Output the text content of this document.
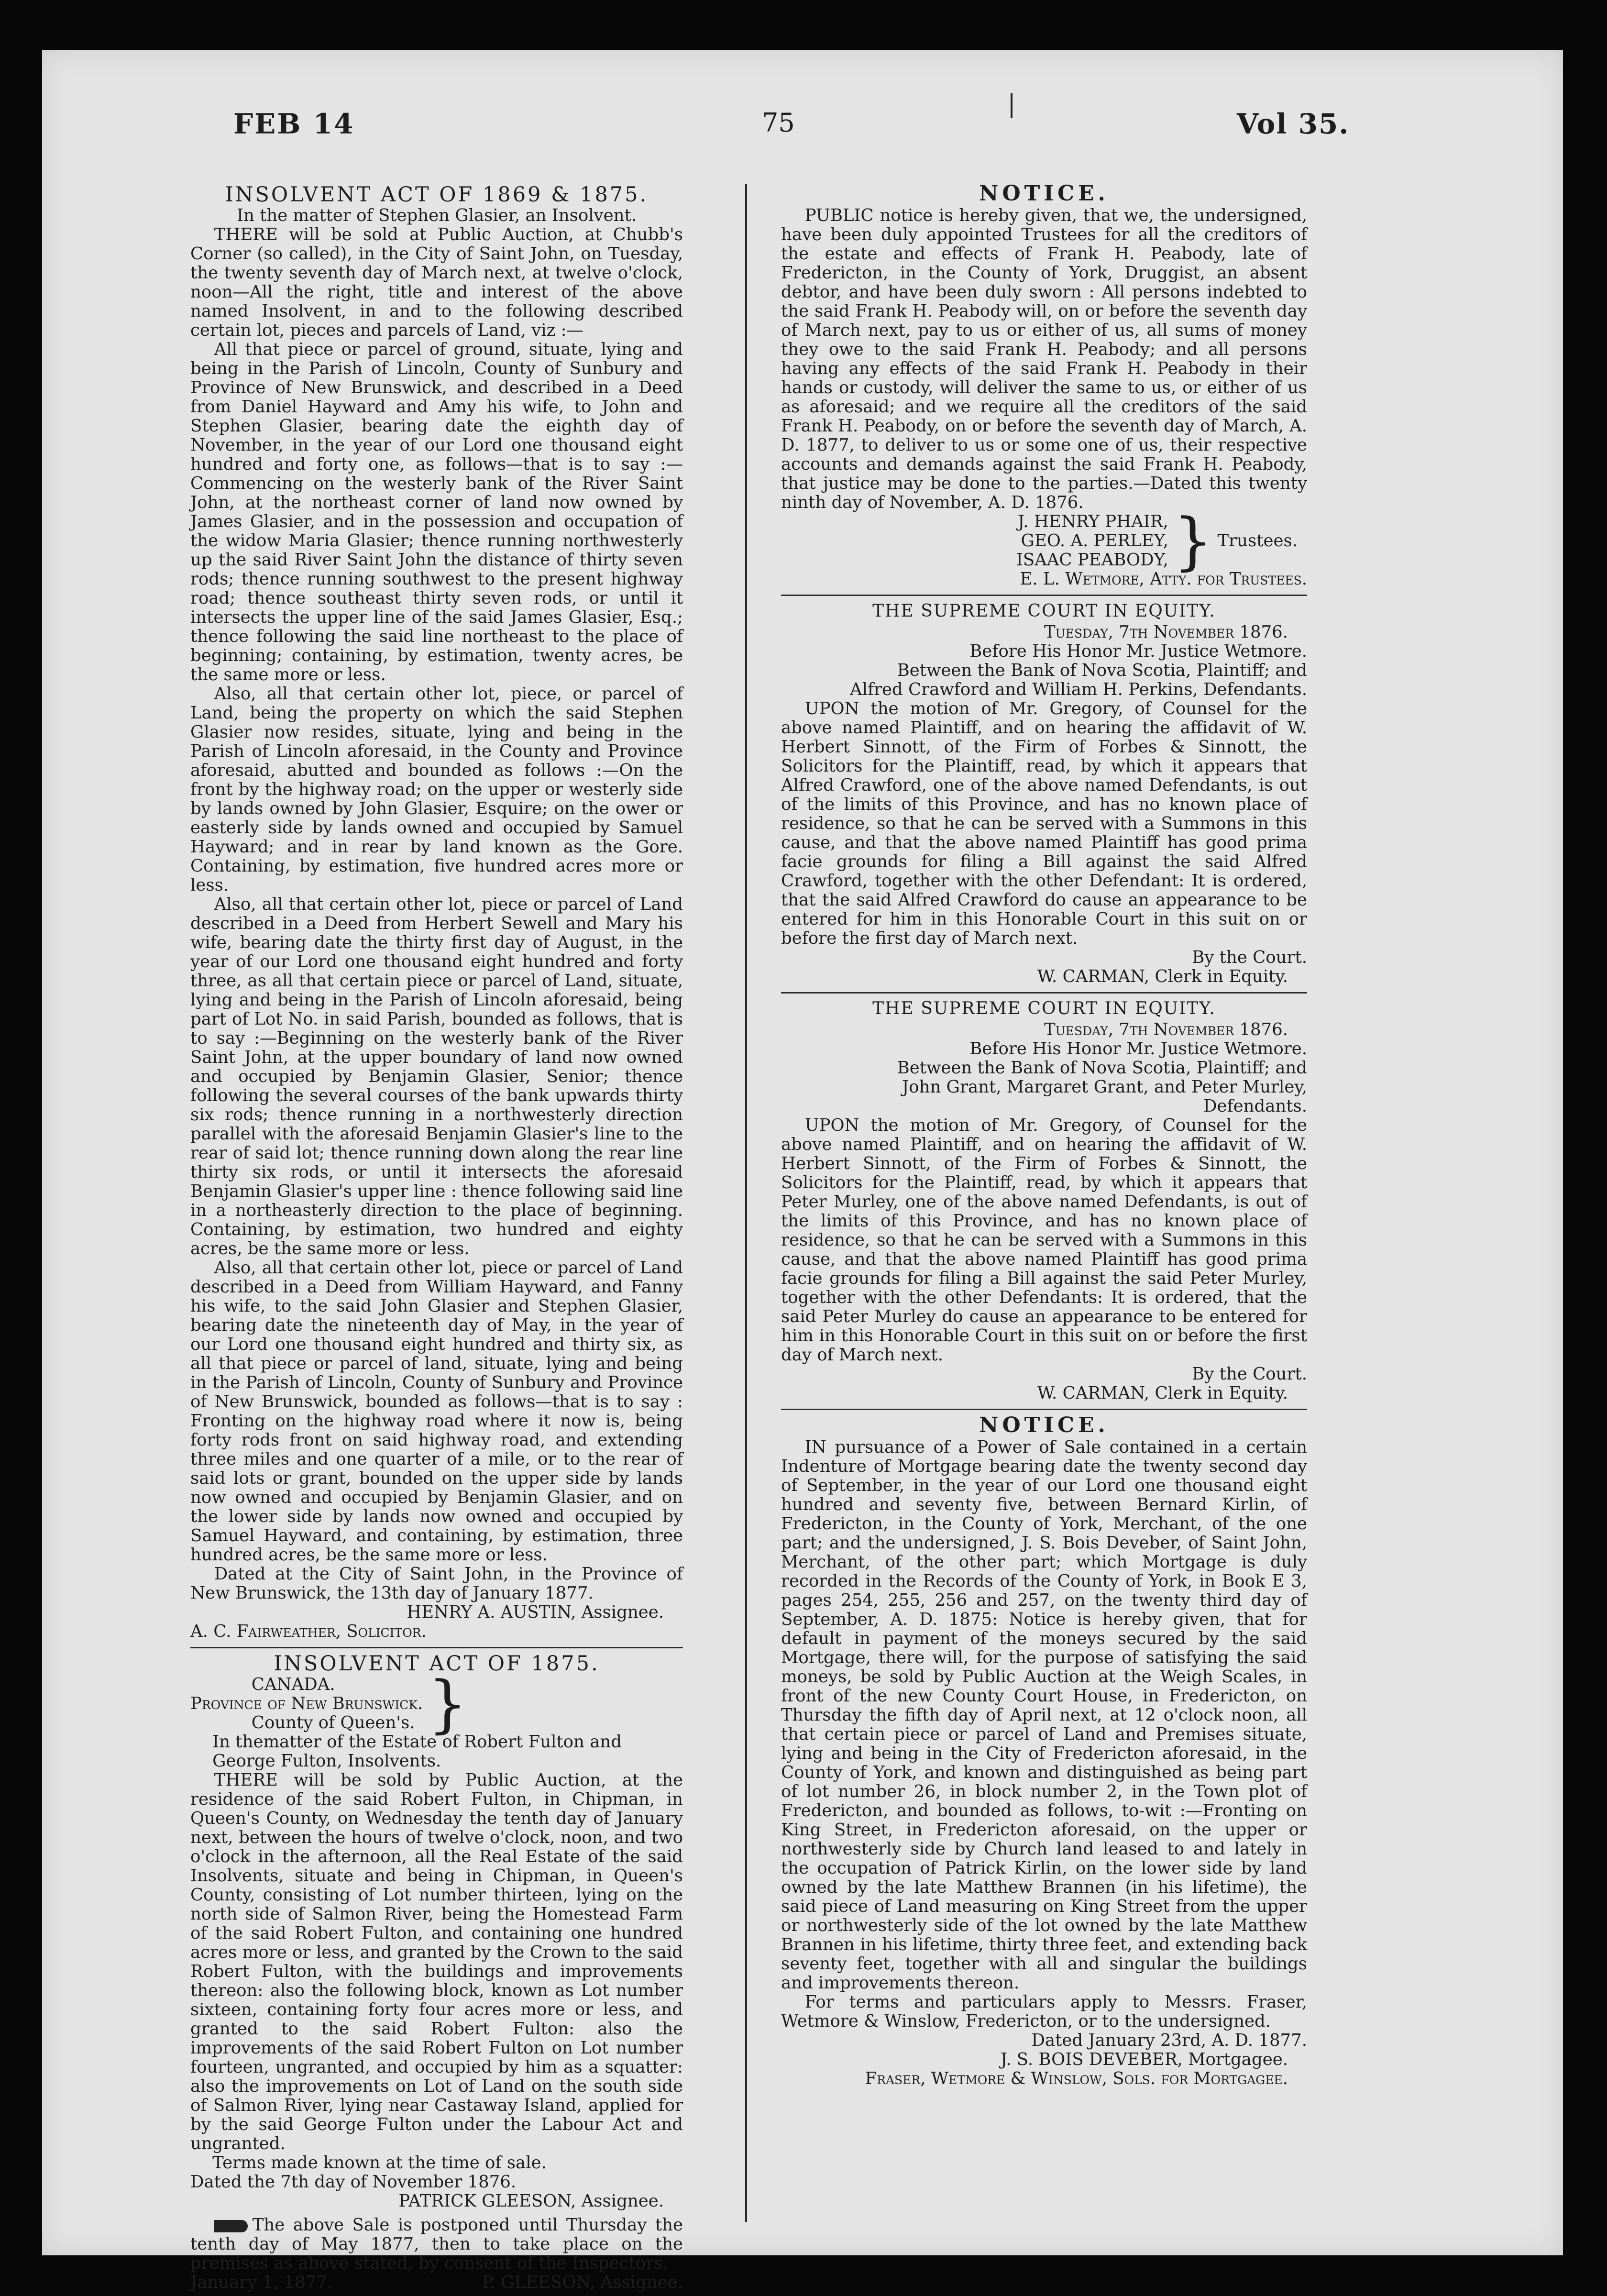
FEB 14	75	Vol 35.
INSOLVENT ACT OF 1869 & 1875.
In the matter of Stephen Glasier, an Insolvent.

THERE will be sold at Public Auction, at Chubb's Corner (so called), in the City of Saint John, on Tuesday, the twenty seventh day of March next, at twelve o'clock, noon—All the right, title and interest of the above named Insolvent, in and to the following described certain lot, pieces and parcels of Land, viz :—

All that piece or parcel of ground, situate, lying and being in the Parish of Lincoln, County of Sunbury and Province of New Brunswick, and described in a Deed from Daniel Hayward and Amy his wife, to John and Stephen Glasier, bearing date the eighth day of November, in the year of our Lord one thousand eight hundred and forty one, as follows—that is to say :—Commencing on the westerly bank of the River Saint John, at the northeast corner of land now owned by James Glasier, and in the possession and occupation of the widow Maria Glasier; thence running northwesterly up the said River Saint John the distance of thirty seven rods; thence running southwest to the present highway road; thence southeast thirty seven rods, or until it intersects the upper line of the said James Glasier, Esq.; thence following the said line northeast to the place of beginning; containing, by estimation, twenty acres, be the same more or less.

Also, all that certain other lot, piece, or parcel of Land, being the property on which the said Stephen Glasier now resides, situate, lying and being in the Parish of Lincoln aforesaid, in the County and Province aforesaid, abutted and bounded as follows :—On the front by the highway road; on the upper or westerly side by lands owned by John Glasier, Esquire; on the ower or easterly side by lands owned and occupied by Samuel Hayward; and in rear by land known as the Gore. Containing, by estimation, five hundred acres more or less.

Also, all that certain other lot, piece or parcel of Land described in a Deed from Herbert Sewell and Mary his wife, bearing date the thirty first day of August, in the year of our Lord one thousand eight hundred and forty three, as all that certain piece or parcel of Land, situate, lying and being in the Parish of Lincoln aforesaid, being part of Lot No. in said Parish, bounded as follows, that is to say :—Beginning on the westerly bank of the River Saint John, at the upper boundary of land now owned and occupied by Benjamin Glasier, Senior; thence following the several courses of the bank upwards thirty six rods; thence running in a northwesterly direction parallel with the aforesaid Benjamin Glasier's line to the rear of said lot; thence running down along the rear line thirty six rods, or until it intersects the aforesaid Benjamin Glasier's upper line : thence following said line in a northeasterly direction to the place of beginning. Containing, by estimation, two hundred and eighty acres, be the same more or less.

Also, all that certain other lot, piece or parcel of Land described in a Deed from William Hayward, and Fanny his wife, to the said John Glasier and Stephen Glasier, bearing date the nineteenth day of May, in the year of our Lord one thousand eight hundred and thirty six, as all that piece or parcel of land, situate, lying and being in the Parish of Lincoln, County of Sunbury and Province of New Brunswick, bounded as follows—that is to say : Fronting on the highway road where it now is, being forty rods front on said highway road, and extending three miles and one quarter of a mile, or to the rear of said lots or grant, bounded on the upper side by lands now owned and occupied by Benjamin Glasier, and on the lower side by lands now owned and occupied by Samuel Hayward, and containing, by estimation, three hundred acres, be the same more or less.

Dated at the City of Saint John, in the Province of New Brunswick, the 13th day of January 1877.

HENRY A. AUSTIN, Assignee.
A. C. Fairweather, Solicitor.
INSOLVENT ACT OF 1875.
CANADA.
Province of New Brunswick.
County of Queen's. }
In thematter of the Estate of Robert Fulton and George Fulton, Insolvents.

THERE will be sold by Public Auction, at the residence of the said Robert Fulton, in Chipman, in Queen's County, on Wednesday the tenth day of January next, between the hours of twelve o'clock, noon, and two o'clock in the afternoon, all the Real Estate of the said Insolvents, situate and being in Chipman, in Queen's County, consisting of Lot number thirteen, lying on the north side of Salmon River, being the Homestead Farm of the said Robert Fulton, and containing one hundred acres more or less, and granted by the Crown to the said Robert Fulton, with the buildings and improvements thereon: also the following block, known as Lot number sixteen, containing forty four acres more or less, and granted to the said Robert Fulton: also the improvements of the said Robert Fulton on Lot number fourteen, ungranted, and occupied by him as a squatter: also the improvements on Lot of Land on the south side of Salmon River, lying near Castaway Island, applied for by the said George Fulton under the Labour Act and ungranted.

Terms made known at the time of sale.
Dated the 7th day of November 1876.
PATRICK GLEESON, Assignee.

The above Sale is postponed until Thursday the tenth day of May 1877, then to take place on the premises as above stated, by consent of the Inspectors.

January 1, 1877.	P. GLEESON, Assignee.
NOTICE.

PUBLIC notice is hereby given, that we, the undersigned, have been duly appointed Trustees for all the creditors of the estate and effects of Frank H. Peabody, late of Fredericton, in the County of York, Druggist, an absent debtor, and have been duly sworn : All persons indebted to the said Frank H. Peabody will, on or before the seventh day of March next, pay to us or either of us, all sums of money they owe to the said Frank H. Peabody; and all persons having any effects of the said Frank H. Peabody in their hands or custody, will deliver the same to us, or either of us as aforesaid; and we require all the creditors of the said Frank H. Peabody, on or before the seventh day of March, A. D. 1877, to deliver to us or some one of us, their respective accounts and demands against the said Frank H. Peabody, that justice may be done to the parties.—Dated this twenty ninth day of November, A. D. 1876.

J. HENRY PHAIR,
GEO. A. PERLEY,
ISAAC PEABODY, } Trustees.
E. L. Wetmore, Atty. for Trustees.
THE SUPREME COURT IN EQUITY.
Tuesday, 7th November 1876.
Before His Honor Mr. Justice Wetmore.
Between the Bank of Nova Scotia, Plaintiff; and
Alfred Crawford and William H. Perkins, Defendants.

UPON the motion of Mr. Gregory, of Counsel for the above named Plaintiff, and on hearing the affidavit of W. Herbert Sinnott, of the Firm of Forbes & Sinnott, the Solicitors for the Plaintiff, read, by which it appears that Alfred Crawford, one of the above named Defendants, is out of the limits of this Province, and has no known place of residence, so that he can be served with a Summons in this cause, and that the above named Plaintiff has good prima facie grounds for filing a Bill against the said Alfred Crawford, together with the other Defendant: It is ordered, that the said Alfred Crawford do cause an appearance to be entered for him in this Honorable Court in this suit on or before the first day of March next.

By the Court.
W. CARMAN, Clerk in Equity.
THE SUPREME COURT IN EQUITY.
Tuesday, 7th November 1876.
Before His Honor Mr. Justice Wetmore.
Between the Bank of Nova Scotia, Plaintiff; and
John Grant, Margaret Grant, and Peter Murley, Defendants.

UPON the motion of Mr. Gregory, of Counsel for the above named Plaintiff, and on hearing the affidavit of W. Herbert Sinnott, of the Firm of Forbes & Sinnott, the Solicitors for the Plaintiff, read, by which it appears that Peter Murley, one of the above named Defendants, is out of the limits of this Province, and has no known place of residence, so that he can be served with a Summons in this cause, and that the above named Plaintiff has good prima facie grounds for filing a Bill against the said Peter Murley, together with the other Defendants: It is ordered, that the said Peter Murley do cause an appearance to be entered for him in this Honorable Court in this suit on or before the first day of March next.

By the Court.
W. CARMAN, Clerk in Equity.
NOTICE.

IN pursuance of a Power of Sale contained in a certain Indenture of Mortgage bearing date the twenty second day of September, in the year of our Lord one thousand eight hundred and seventy five, between Bernard Kirlin, of Fredericton, in the County of York, Merchant, of the one part; and the undersigned, J. S. Bois Deveber, of Saint John, Merchant, of the other part; which Mortgage is duly recorded in the Records of the County of York, in Book E 3, pages 254, 255, 256 and 257, on the twenty third day of September, A. D. 1875: Notice is hereby given, that for default in payment of the moneys secured by the said Mortgage, there will, for the purpose of satisfying the said moneys, be sold by Public Auction at the Weigh Scales, in front of the new County Court House, in Fredericton, on Thursday the fifth day of April next, at 12 o'clock noon, all that certain piece or parcel of Land and Premises situate, lying and being in the City of Fredericton aforesaid, in the County of York, and known and distinguished as being part of lot number 26, in block number 2, in the Town plot of Fredericton, and bounded as follows, to-wit :—Fronting on King Street, in Fredericton aforesaid, on the upper or northwesterly side by Church land leased to and lately in the occupation of Patrick Kirlin, on the lower side by land owned by the late Matthew Brannen (in his lifetime), the said piece of Land measuring on King Street from the upper or northwesterly side of the lot owned by the late Matthew Brannen in his lifetime, thirty three feet, and extending back seventy feet, together with all and singular the buildings and improvements thereon.

For terms and particulars apply to Messrs. Fraser, Wetmore & Winslow, Fredericton, or to the undersigned.

Dated January 23rd, A. D. 1877.
J. S. BOIS DEVEBER, Mortgagee.
Fraser, Wetmore & Winslow, Sols. for Mortgagee.
